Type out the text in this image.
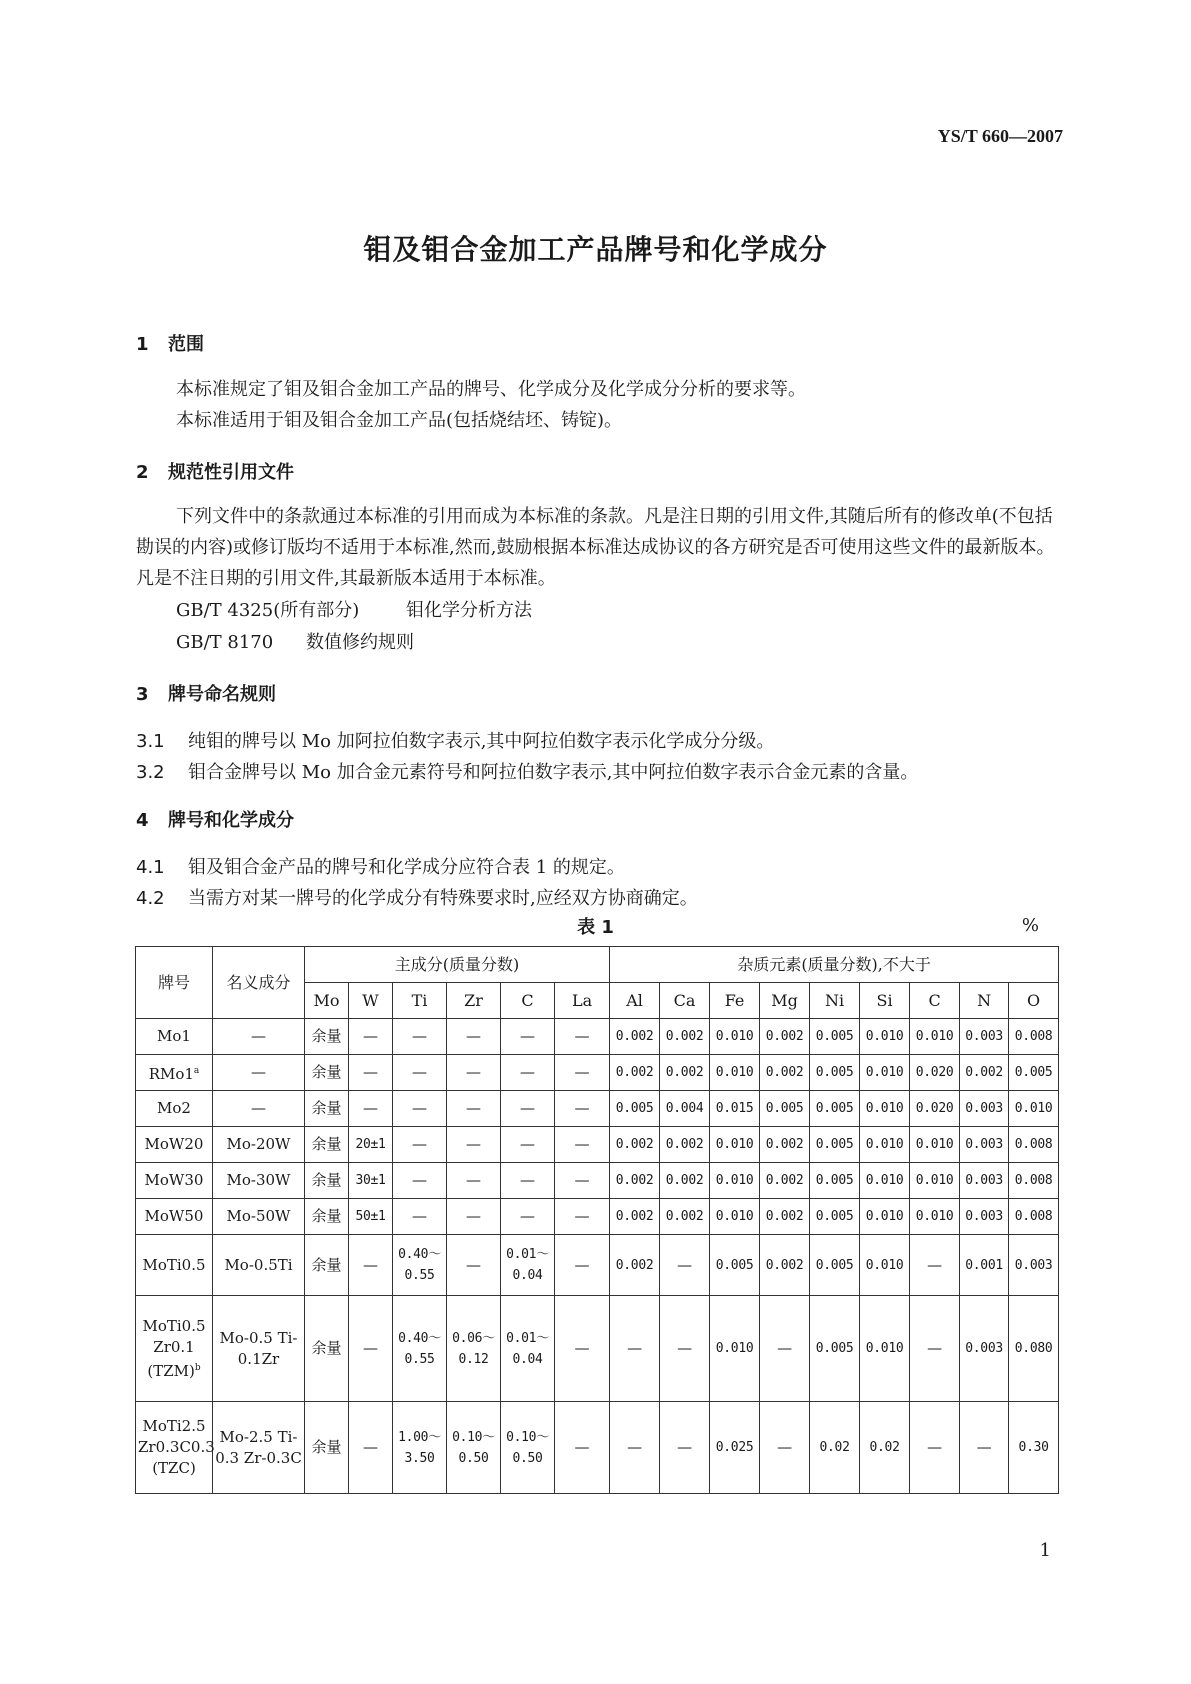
YS/T 660—2007
钼及钼合金加工产品牌号和化学成分
1 范围
本标准规定了钼及钼合金加工产品的牌号、化学成分及化学成分分析的要求等。
本标准适用于钼及钼合金加工产品(包括烧结坯、铸锭)。
2 规范性引用文件
下列文件中的条款通过本标准的引用而成为本标准的条款。凡是注日期的引用文件,其随后所有的修改单(不包括勘误的内容)或修订版均不适用于本标准,然而,鼓励根据本标准达成协议的各方研究是否可使用这些文件的最新版本。凡是不注日期的引用文件,其最新版本适用于本标准。
GB/T 4325(所有部分)	钼化学分析方法
GB/T 8170 数值修约规则
3 牌号命名规则
3.1 纯钼的牌号以 Mo 加阿拉伯数字表示,其中阿拉伯数字表示化学成分分级。
3.2 钼合金牌号以 Mo 加合金元素符号和阿拉伯数字表示,其中阿拉伯数字表示合金元素的含量。
4 牌号和化学成分
4.1 钼及钼合金产品的牌号和化学成分应符合表 1 的规定。
4.2 当需方对某一牌号的化学成分有特殊要求时,应经双方协商确定。
表 1	%
牌号	名义成分	主成分(质量分数)						杂质元素(质量分数),不大于								
		Mo	W	Ti	Zr	C	La	Al	Ca	Fe	Mg	Ni	Si	C	N	O
Mo1	—	余量	—	—	—	—	—	0.002	0.002	0.010	0.002	0.005	0.010	0.010	0.003	0.008
RMo1$^a$	—	余量	—	—	—	—	—	0.002	0.002	0.010	0.002	0.005	0.010	0.020	0.002	0.005
Mo2	—	余量	—	—	—	—	—	0.005	0.004	0.015	0.005	0.005	0.010	0.020	0.003	0.010
MoW20	Mo-20W	余量	20±1	—	—	—	—	0.002	0.002	0.010	0.002	0.005	0.010	0.010	0.003	0.008
MoW30	Mo-30W	余量	30±1	—	—	—	—	0.002	0.002	0.010	0.002	0.005	0.010	0.010	0.003	0.008
MoW50	Mo-50W	余量	50±1	—	—	—	—	0.002	0.002	0.010	0.002	0.005	0.010	0.010	0.003	0.008
MoTi0.5	Mo-0.5Ti	余量	—	0.40～0.55	—	0.01～0.04	—	0.002	—	0.005	0.002	0.005	0.010	—	0.001	0.003
MoTi0.5 Zr0.1 (TZM)$^b$	Mo-0.5 Ti-0.1Zr	余量	—	0.40～0.55	0.06～0.12	0.01～0.04	—	—	—	0.010	—	0.005	0.010	—	0.003	0.080
MoTi2.5 Zr0.3C0.3 (TZC)	Mo-2.5 Ti-0.3 Zr-0.3C	余量	—	1.00～3.50	0.10～0.50	0.10～0.50	—	—	—	0.025	—	0.02	0.02	—	—	0.30
1
